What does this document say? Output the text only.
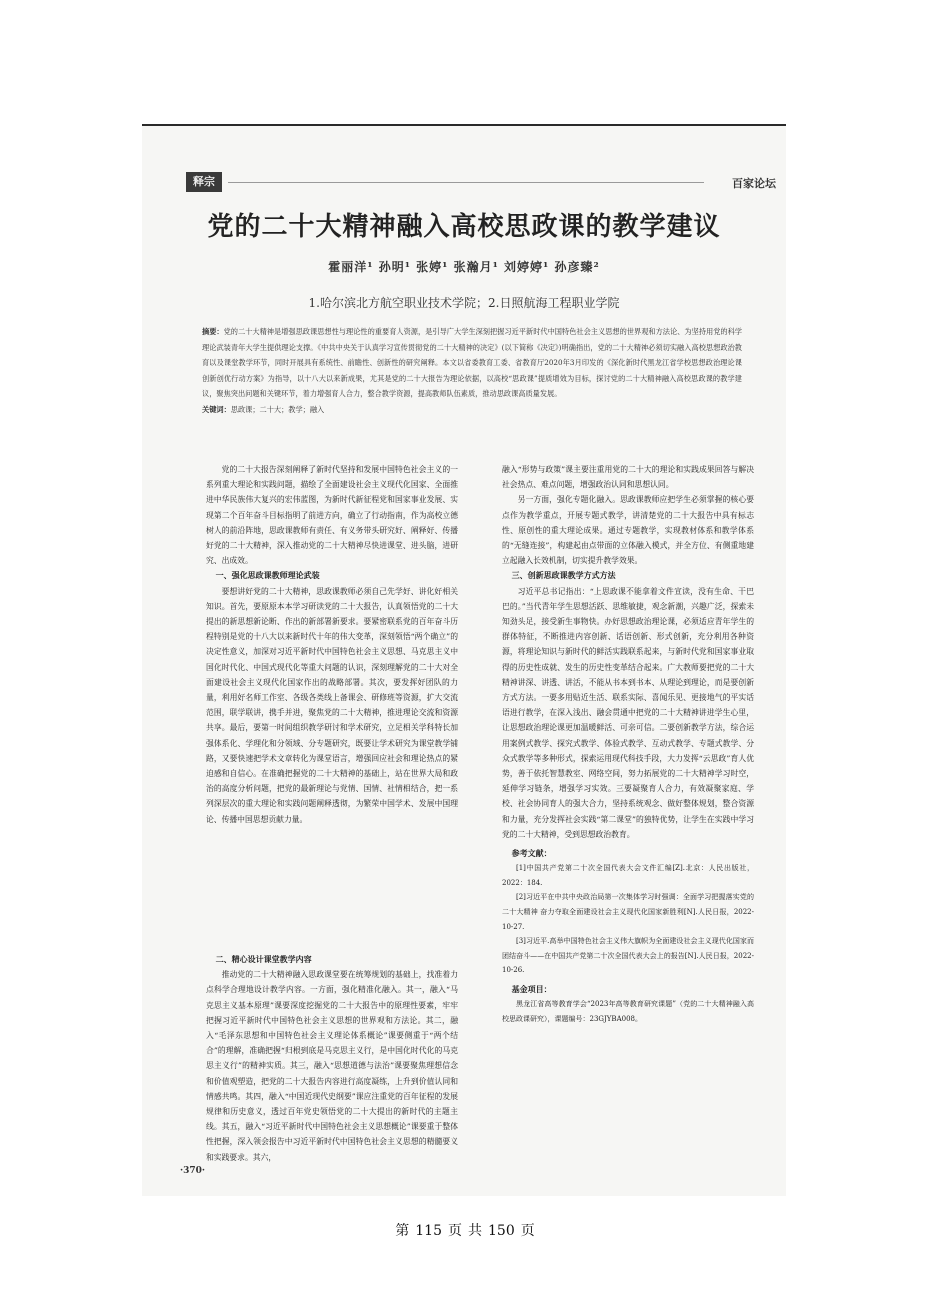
释宗	百家论坛
党的二十大精神融入高校思政课的教学建议
霍丽洋¹ 孙明¹ 张婷¹ 张瀚月¹ 刘婷婷¹ 孙彦臻²
1.哈尔滨北方航空职业技术学院；2.日照航海工程职业学院
摘要：党的二十大精神是增强思政课思想性与理论性的重要育人资源，是引导广大学生深刻把握习近平新时代中国特色社会主义思想的世界观和方法论、为坚持用党的科学理论武装青年大学生提供理论支撑。《中共中央关于认真学习宣传贯彻党的二十大精神的决定》(以下简称《决定》)明确指出，党的二十大精神必须切实融入高校思想政治教育以及课堂教学环节，同时开展具有系统性、前瞻性、创新性的研究阐释。本文以省委教育工委、省教育厅2020年3月印发的《深化新时代黑龙江省学校思想政治理论课创新创优行动方案》为指导，以十八大以来新成果，尤其是党的二十大报告为理论依据，以高校“思政课”提质增效为目标，探讨党的二十大精神融入高校思政课的教学建议，聚焦突出问题和关键环节，着力增强育人合力，整合教学资源，提高教师队伍素质，推动思政课高质量发展。
关键词：思政课；二十大；教学；融入

党的二十大报告深刻阐释了新时代坚持和发展中国特色社会主义的一系列重大理论和实践问题，描绘了全面建设社会主义现代化国家、全面推进中华民族伟大复兴的宏伟蓝图，为新时代新征程党和国家事业发展、实现第二个百年奋斗目标指明了前进方向，确立了行动指南，作为高校立德树人的前沿阵地，思政课教师有责任、有义务带头研究好、阐释好、传播好党的二十大精神，深入推动党的二十大精神尽快进课堂、进头脑，进研究、出成效。

一、强化思政课教师理论武装

要想讲好党的二十大精神，思政课教师必须自己先学好、讲化好相关知识。首先，要原原本本学习研读党的二十大报告，认真领悟党的二十大提出的新思想新论断、作出的新部署新要求。要紧密联系党的百年奋斗历程特别是党的十八大以来新时代十年的伟大变革，深刻领悟“两个确立”的决定性意义，加深对习近平新时代中国特色社会主义思想、马克思主义中国化时代化、中国式现代化等重大问题的认识，深刻理解党的二十大对全面建设社会主义现代化国家作出的战略部署。其次，要发挥好团队的力量，利用好名师工作室、各级各类线上备课会、研修班等资源，扩大交流范围，联学联讲，携手并进，聚焦党的二十大精神，推进理论交流和资源共享。最后，要第一时间组织教学研讨和学术研究，立足相关学科特长加强体系化、学理化和分领域、分专题研究，既要让学术研究为课堂教学铺路，又要快速把学术文章转化为课堂语言，增强回应社会和理论热点的紧迫感和自信心。在准确把握党的二十大精神的基础上，站在世界大局和政治的高度分析问题，把党的最新理论与党情、国情、社情相结合，把一系列深层次的重大理论和实践问题阐释透彻，为繁荣中国学术、发展中国理论、传播中国思想贡献力量。

二、精心设计课堂教学内容

推动党的二十大精神融入思政课堂要在统筹规划的基础上，找准着力点科学合理地设计教学内容。一方面，强化精准化融入。其一，融入“马克思主义基本原理”课要深度挖掘党的二十大报告中的原理性要素，牢牢把握习近平新时代中国特色社会主义思想的世界观和方法论。其二，融入“毛泽东思想和中国特色社会主义理论体系概论”课要侧重于“两个结合”的理解，准确把握“归根到底是马克思主义行，是中国化时代化的马克思主义行”的精神实质。其三，融入“思想道德与法治”课要聚焦理想信念和价值观塑造，把党的二十大报告内容进行高度凝练，上升到价值认同和情感共鸣。其四，融入“中国近现代史纲要”课应注重党的百年征程的发展规律和历史意义，透过百年党史领悟党的二十大提出的新时代的主题主线。其五，融入“习近平新时代中国特色社会主义思想概论”课要重于整体性把握，深入领会报告中习近平新时代中国特色社会主义思想的精髓要义和实践要求。其六，

融入“形势与政策”课主要注重用党的二十大的理论和实践成果回答与解决社会热点、难点问题，增强政治认同和思想认同。

另一方面，强化专题化融入。思政课教师应把学生必须掌握的核心要点作为教学重点，开展专题式教学，讲清楚党的二十大报告中具有标志性、原创性的重大理论成果。通过专题教学，实现教材体系和教学体系的“无缝连接”，构建起由点带面的立体融入模式，并全方位、有侧重地建立起融入长效机制，切实提升教学效果。

三、创新思政课教学方式方法

习近平总书记指出：“上思政课不能拿着文件宣读，没有生命、干巴巴的。”当代青年学生思想活跃、思维敏捷，观念新潮，兴趣广泛，探索未知劲头足，接受新生事物快。办好思想政治理论课，必须适应青年学生的群体特征，不断推进内容创新、话语创新、形式创新，充分利用各种资源，将理论知识与新时代的鲜活实践联系起来，与新时代党和国家事业取得的历史性成就、发生的历史性变革结合起来。广大教师要把党的二十大精神讲深、讲透、讲活，不能从书本到书本、从理论到理论，而是要创新方式方法。一要多用贴近生活、联系实际、喜闻乐见、更接地气的平实话语进行教学，在深入浅出、融会贯通中把党的二十大精神讲进学生心里，让思想政治理论课更加温暖鲜活、可亲可信。二要创新教学方法，综合运用案例式教学、探究式教学、体验式教学、互动式教学、专题式教学、分众式教学等多种形式，探索运用现代科技手段，大力发挥“云思政”育人优势，善于依托智慧教室、网络空间，努力拓展党的二十大精神学习时空，延伸学习链条，增强学习实效。三要凝聚育人合力，有效凝聚家庭、学校、社会协同育人的强大合力，坚持系统观念、做好整体规划，整合资源和力量，充分发挥社会实践“第二课堂”的独特优势，让学生在实践中学习党的二十大精神，受到思想政治教育。

参考文献：

[1]中国共产党第二十次全国代表大会文件汇编[Z].北京：人民出版社，2022：184.

[2]习近平在中共中央政治局第一次集体学习时强调：全面学习把握落实党的二十大精神 奋力夺取全面建设社会主义现代化国家新胜利[N].人民日报，2022-10-27.

[3]习近平.高举中国特色社会主义伟大旗帜为全面建设社会主义现代化国家而团结奋斗——在中国共产党第二十次全国代表大会上的报告[N].人民日报，2022-10-26.

基金项目：

黑龙江省高等教育学会“2023年高等教育研究课题”（党的二十大精神融入高校思政课研究），课题编号：23GJYBA008。

·370·
第 115 页 共 150 页
